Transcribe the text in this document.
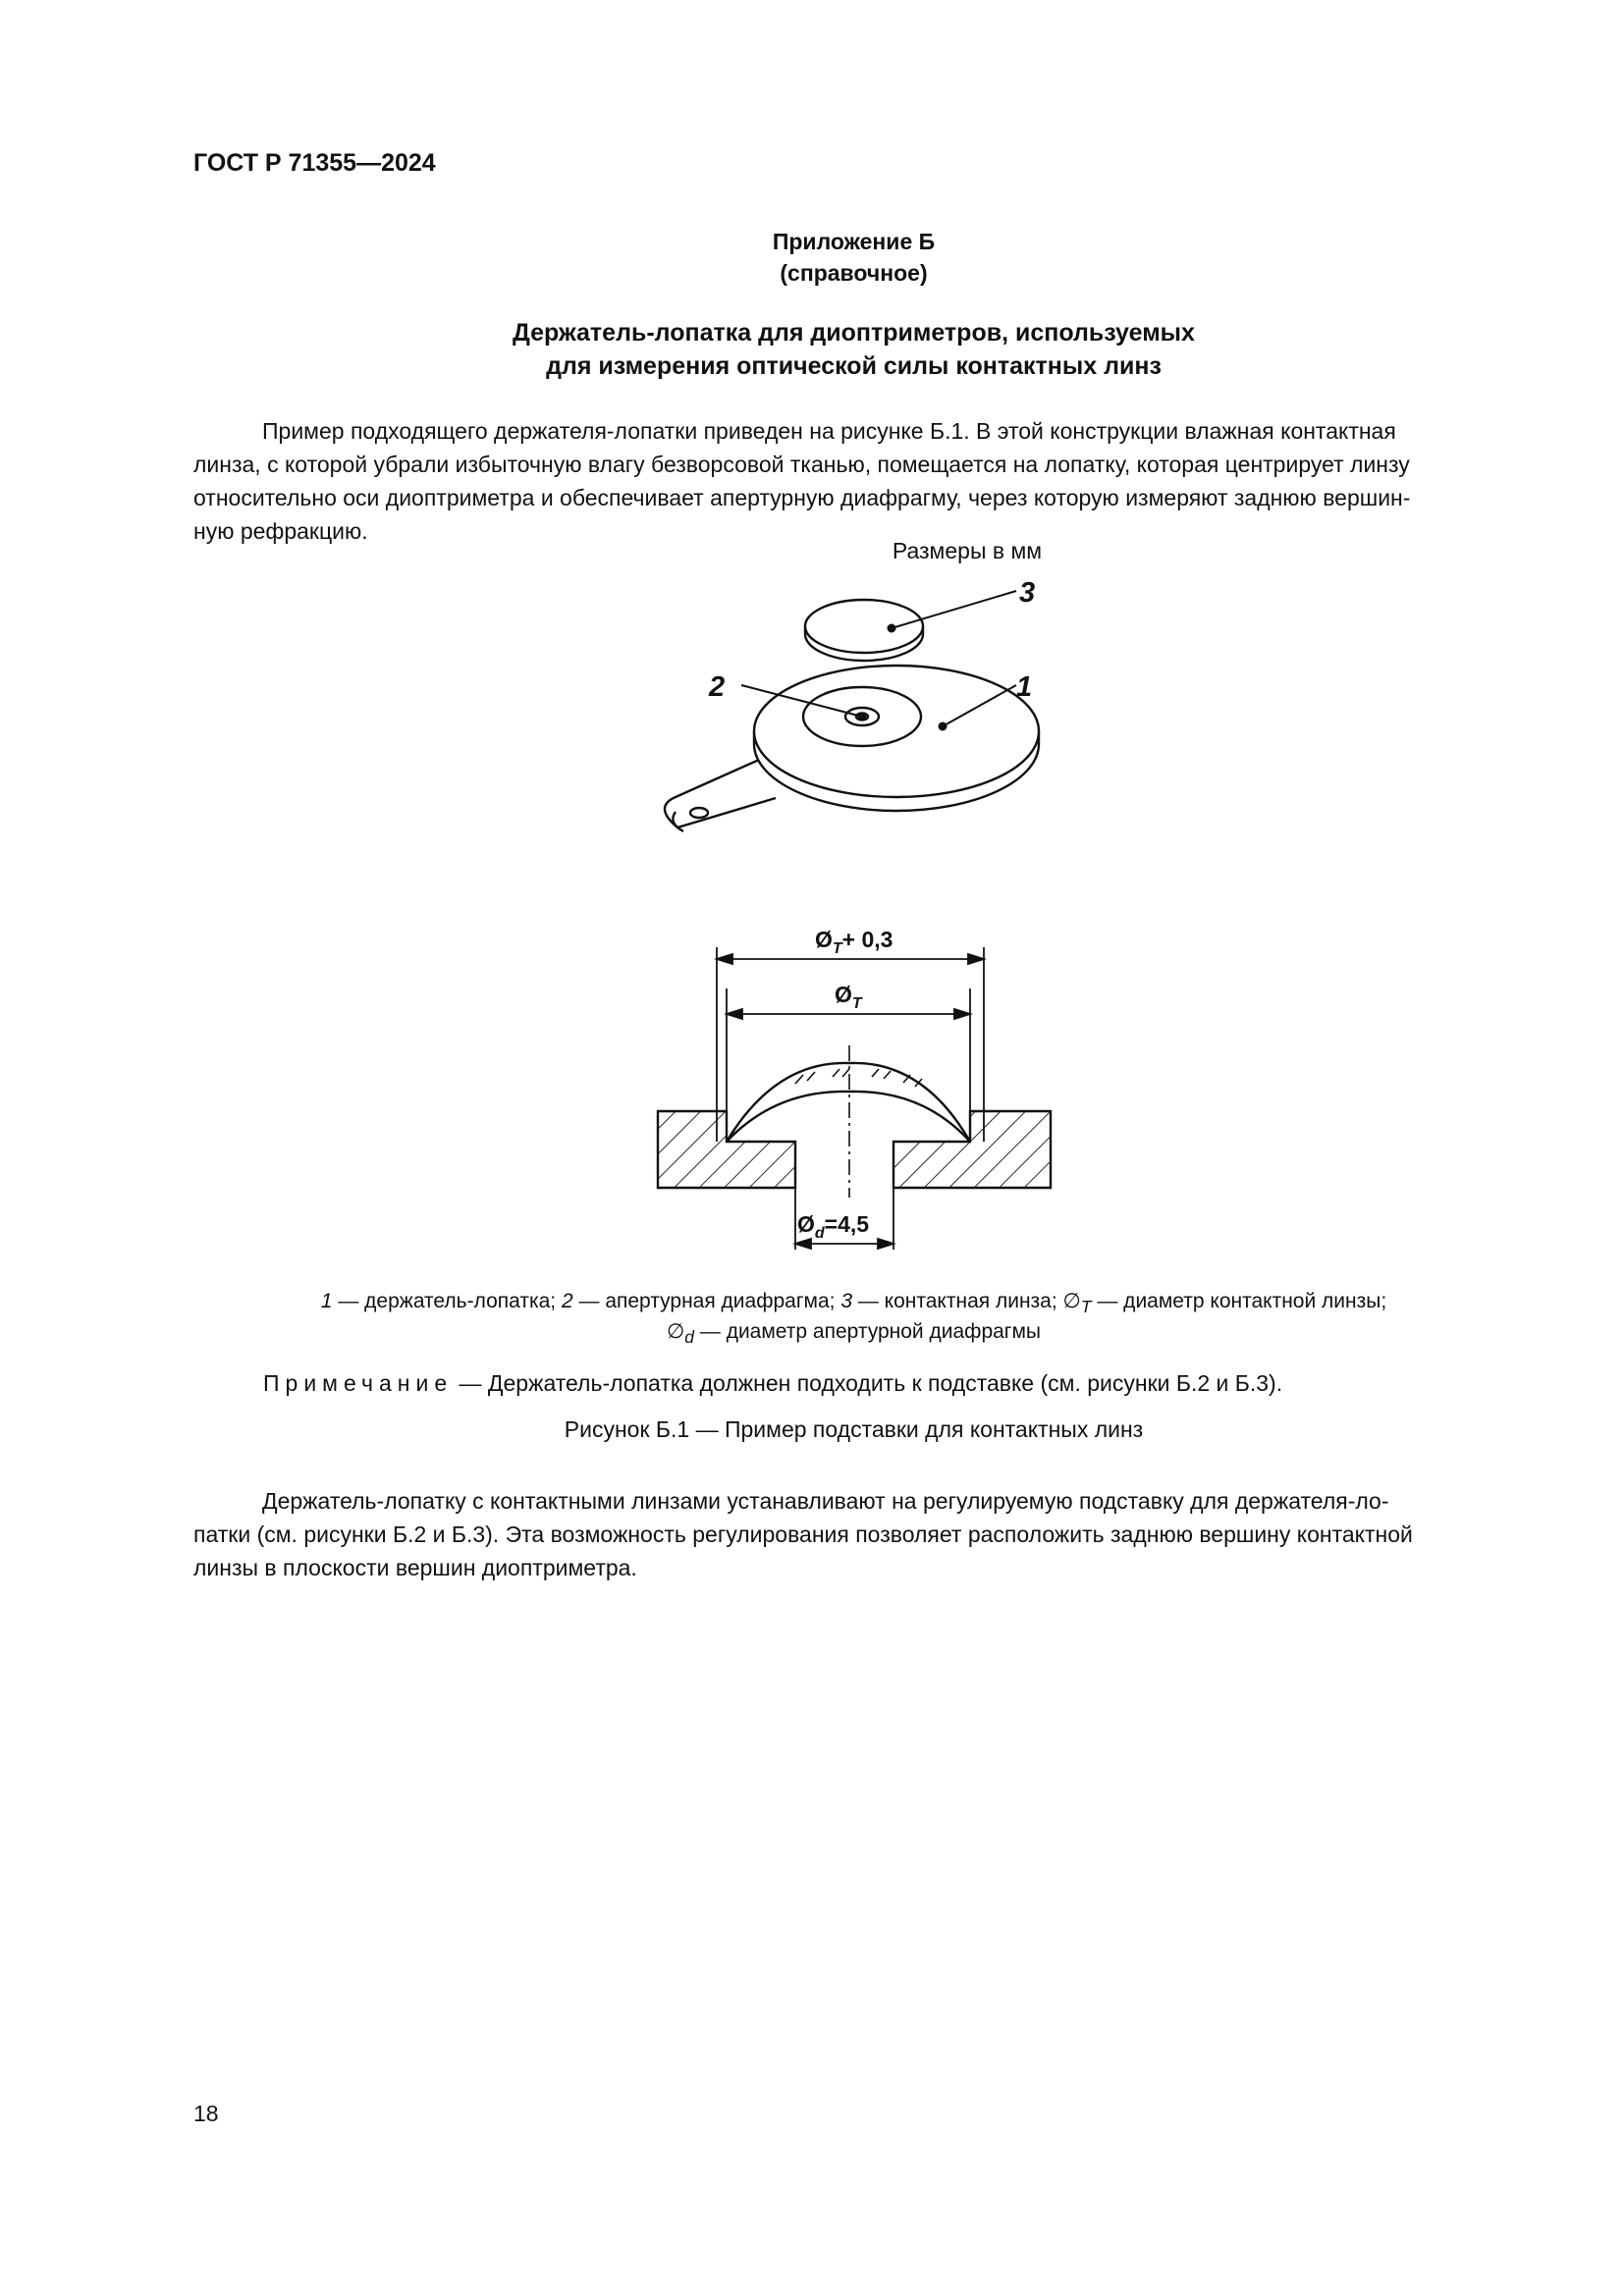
ГОСТ Р 71355—2024
Приложение Б
(справочное)
Держатель-лопатка для диоптриметров, используемых
для измерения оптической силы контактных линз
Пример подходящего держателя-лопатки приведен на рисунке Б.1. В этой конструкции влажная контактная
линза, с которой убрали избыточную влагу безворсовой тканью, помещается на лопатку, которая центрирует линзу
относительно оси диоптриметра и обеспечивает апертурную диафрагму, через которую измеряют заднюю вершин-
ную рефракцию.
Размеры в мм
3
1
2
$Ø_T+ 0,3$
$Ø_T$
$Ø_d=4,5$
1 — держатель-лопатка; 2 — апертурная диафрагма; 3 — контактная линза; $\emptyset_T$ — диаметр контактной линзы;
$\emptyset_d$ — диаметр апертурной диафрагмы
Примечание — Держатель-лопатка должнен подходить к подставке (см. рисунки Б.2 и Б.3).
Рисунок Б.1 — Пример подставки для контактных линз
Держатель-лопатку с контактными линзами устанавливают на регулируемую подставку для держателя-ло-
патки (см. рисунки Б.2 и Б.3). Эта возможность регулирования позволяет расположить заднюю вершину контактной
линзы в плоскости вершин диоптриметра.
18
